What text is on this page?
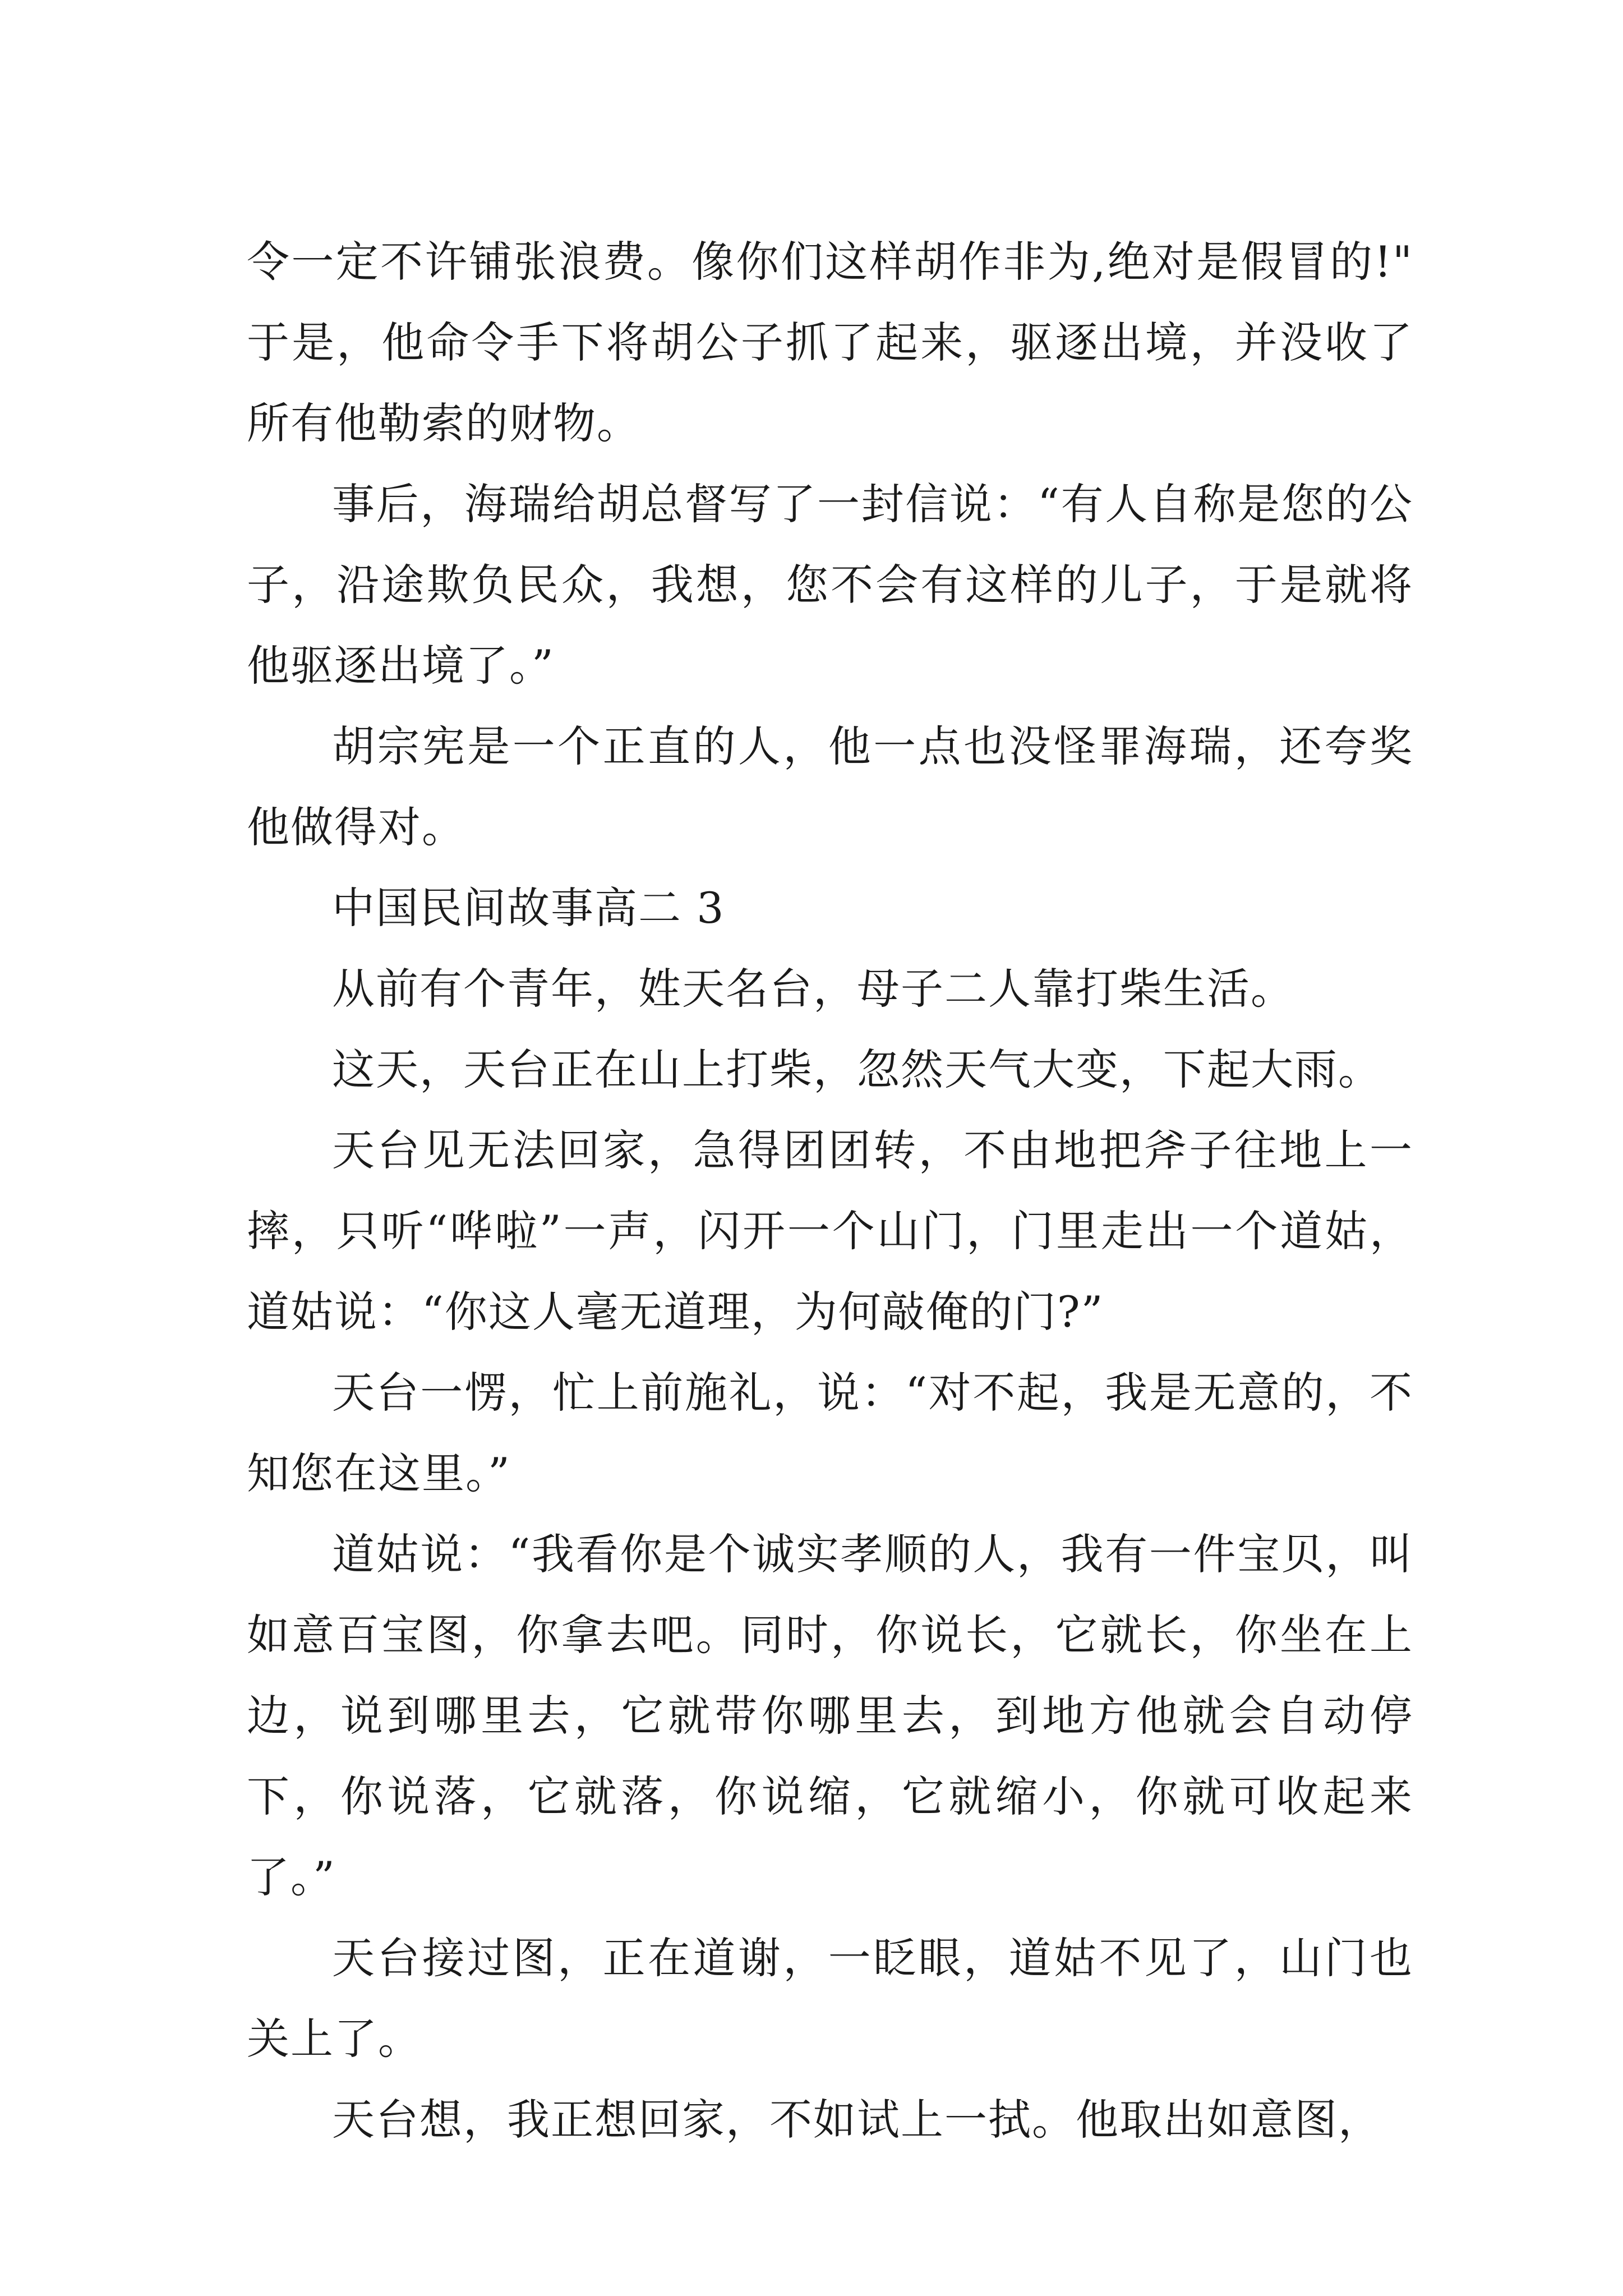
令一定不许铺张浪费。像你们这样胡作非为,绝对是假冒的!" 于是，他命令手下将胡公子抓了起来，驱逐出境，并没收了所有他勒索的财物。

事后，海瑞给胡总督写了一封信说：“有人自称是您的公子，沿途欺负民众，我想，您不会有这样的儿子，于是就将他驱逐出境了。”

胡宗宪是一个正直的人，他一点也没怪罪海瑞，还夸奖他做得对。

中国民间故事高二 3

从前有个青年，姓天名台，母子二人靠打柴生活。

这天，天台正在山上打柴，忽然天气大变，下起大雨。

天台见无法回家，急得团团转，不由地把斧子往地上一摔，只听“哗啦”一声，闪开一个山门，门里走出一个道姑，道姑说：“你这人毫无道理，为何敲俺的门?”

天台一愣，忙上前施礼，说：“对不起，我是无意的，不知您在这里。”

道姑说：“我看你是个诚实孝顺的人，我有一件宝贝，叫如意百宝图，你拿去吧。同时，你说长，它就长，你坐在上边，说到哪里去，它就带你哪里去，到地方他就会自动停下，你说落，它就落，你说缩，它就缩小，你就可收起来了。”

天台接过图，正在道谢，一眨眼，道姑不见了，山门也关上了。

天台想，我正想回家，不如试上一拭。他取出如意图，
